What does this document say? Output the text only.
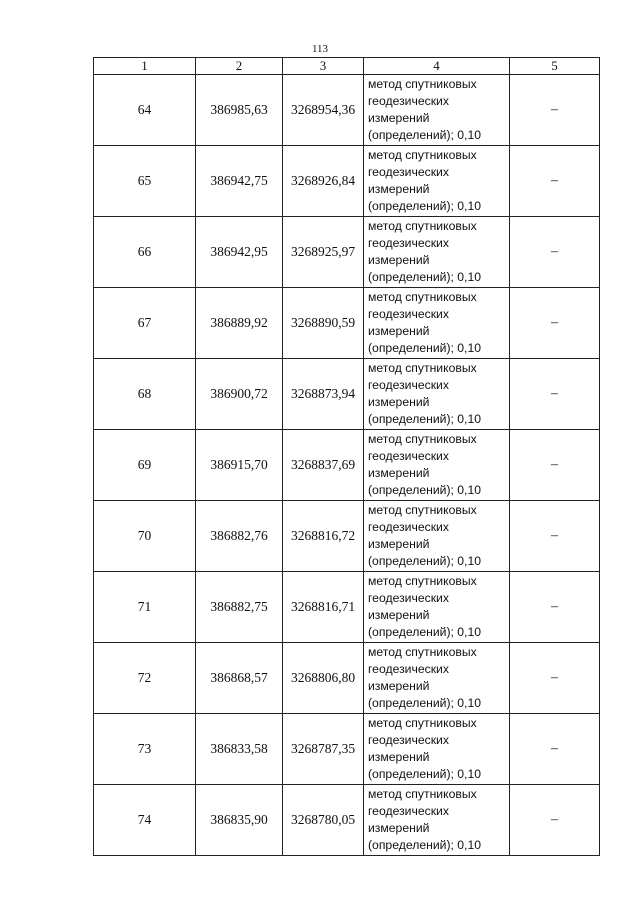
113
1	2	3	4	5
64	386985,63	3268954,36	метод спутниковых
геодезических
измерений
(определений); 0,10	–
65	386942,75	3268926,84	метод спутниковых
геодезических
измерений
(определений); 0,10	–
66	386942,95	3268925,97	метод спутниковых
геодезических
измерений
(определений); 0,10	–
67	386889,92	3268890,59	метод спутниковых
геодезических
измерений
(определений); 0,10	–
68	386900,72	3268873,94	метод спутниковых
геодезических
измерений
(определений); 0,10	–
69	386915,70	3268837,69	метод спутниковых
геодезических
измерений
(определений); 0,10	–
70	386882,76	3268816,72	метод спутниковых
геодезических
измерений
(определений); 0,10	–
71	386882,75	3268816,71	метод спутниковых
геодезических
измерений
(определений); 0,10	–
72	386868,57	3268806,80	метод спутниковых
геодезических
измерений
(определений); 0,10	–
73	386833,58	3268787,35	метод спутниковых
геодезических
измерений
(определений); 0,10	–
74	386835,90	3268780,05	метод спутниковых
геодезических
измерений
(определений); 0,10	–
